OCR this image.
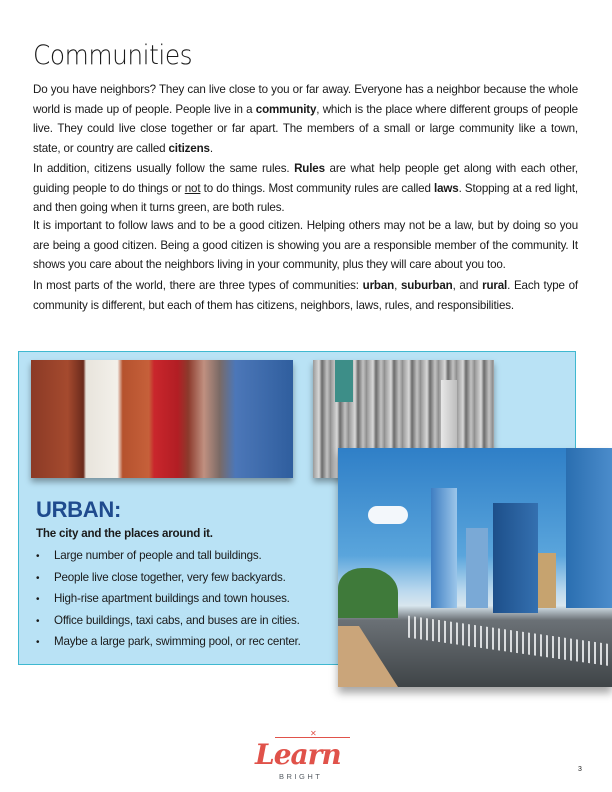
Communities
Do you have neighbors? They can live close to you or far away. Everyone has a neighbor because the whole world is made up of people. People live in a community, which is the place where different groups of people live. They could live close together or far apart. The members of a small or large community like a town, state, or country are called citizens.
In addition, citizens usually follow the same rules. Rules are what help people get along with each other, guiding people to do things or not to do things. Most community rules are called laws. Stopping at a red light, and then going when it turns green, are both rules.
It is important to follow laws and to be a good citizen. Helping others may not be a law, but by doing so you are being a good citizen. Being a good citizen is showing you are a responsible member of the community. It shows you care about the neighbors living in your community, plus they will care about you too.
In most parts of the world, there are three types of communities: urban, suburban, and rural. Each type of community is different, but each of them has citizens, neighbors, laws, rules, and responsibilities.
URBAN:
The city and the places around it.
• Large number of people and tall buildings.
• People live close together, very few backyards.
• High-rise apartment buildings and town houses.
• Office buildings, taxi cabs, and buses are in cities.
• Maybe a large park, swimming pool, or rec center.
✕
Learn
BRIGHT
3
